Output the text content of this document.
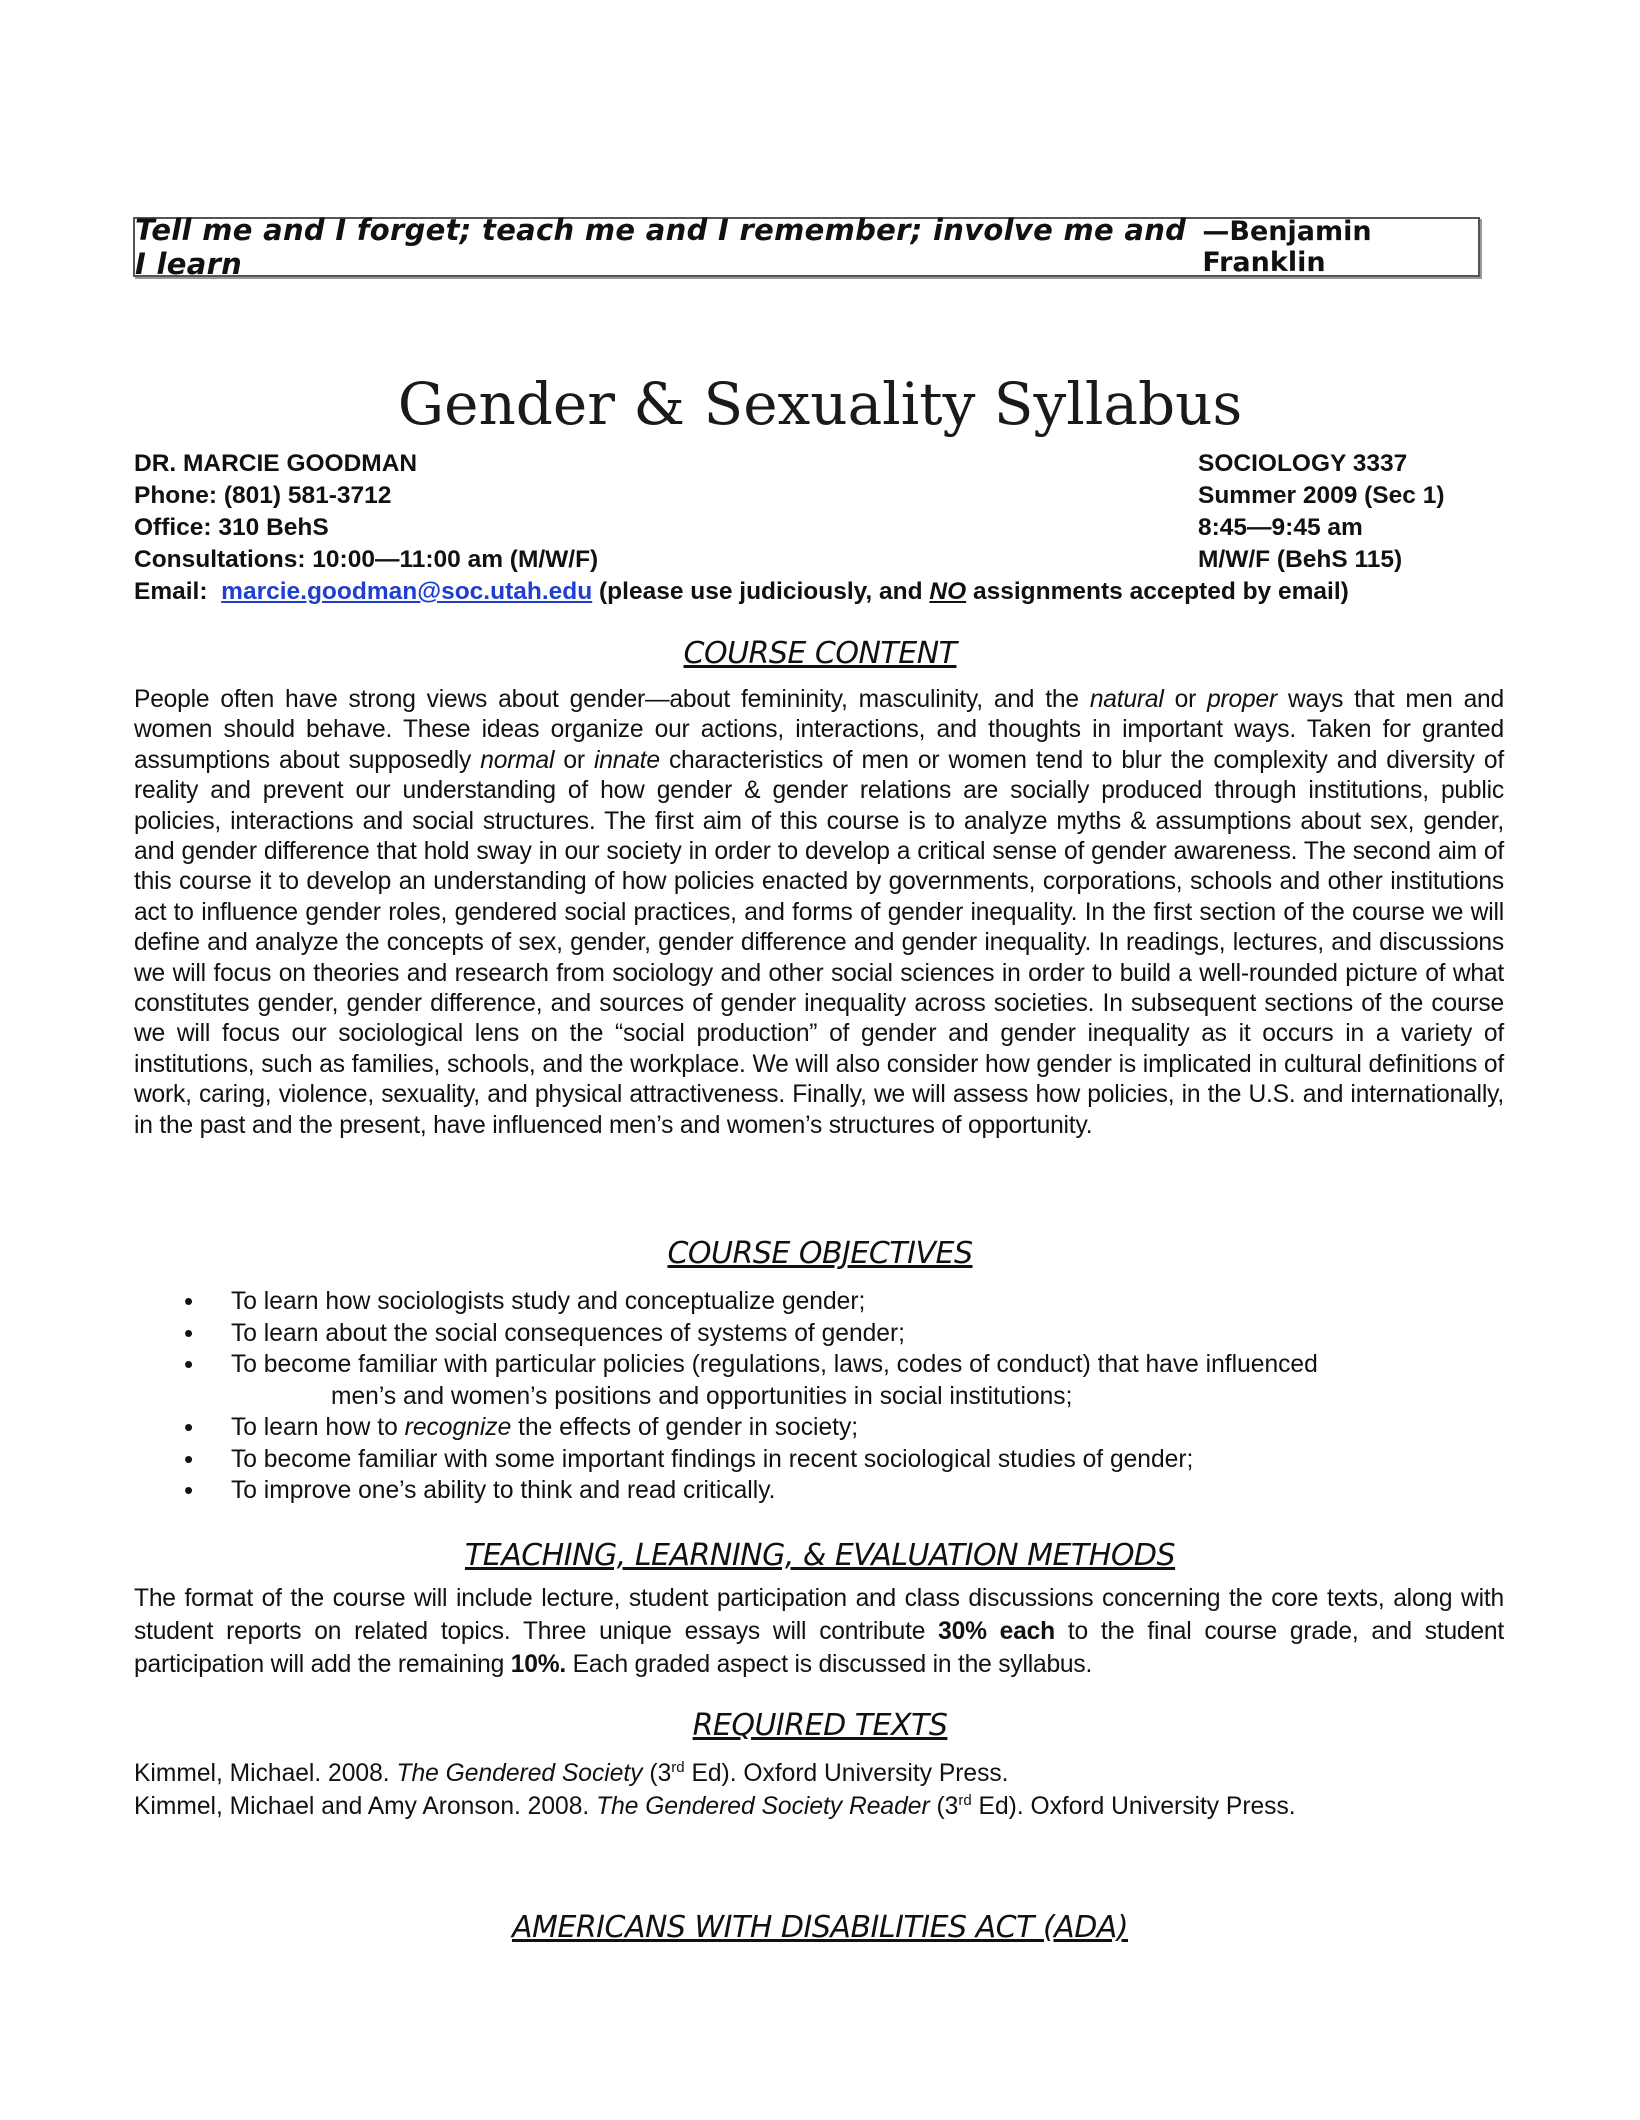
Tell me and I forget; teach me and I remember; involve me and I learn
—Benjamin Franklin
Gender & Sexuality Syllabus
DR. MARCIE GOODMAN	SOCIOLOGY 3337
Phone: (801) 581-3712	Summer 2009 (Sec 1)
Office: 310 BehS	8:45—9:45 am
Consultations: 10:00—11:00 am (M/W/F)	M/W/F (BehS 115)
Email: marcie.goodman@soc.utah.edu (please use judiciously, and NO assignments accepted by email)
COURSE CONTENT
People often have strong views about gender—about femininity, masculinity, and the natural or proper ways that men and women should behave. These ideas organize our actions, interactions, and thoughts in important ways. Taken for granted assumptions about supposedly normal or innate characteristics of men or women tend to blur the complexity and diversity of reality and prevent our understanding of how gender & gender relations are socially produced through institutions, public policies, interactions and social structures. The first aim of this course is to analyze myths & assumptions about sex, gender, and gender difference that hold sway in our society in order to develop a critical sense of gender awareness. The second aim of this course it to develop an understanding of how policies enacted by governments, corporations, schools and other institutions act to influence gender roles, gendered social practices, and forms of gender inequality. In the first section of the course we will define and analyze the concepts of sex, gender, gender difference and gender inequality. In readings, lectures, and discussions we will focus on theories and research from sociology and other social sciences in order to build a well-rounded picture of what constitutes gender, gender difference, and sources of gender inequality across societies. In subsequent sections of the course we will focus our sociological lens on the “social production” of gender and gender inequality as it occurs in a variety of institutions, such as families, schools, and the workplace. We will also consider how gender is implicated in cultural definitions of work, caring, violence, sexuality, and physical attractiveness. Finally, we will assess how policies, in the U.S. and internationally, in the past and the present, have influenced men’s and women’s structures of opportunity.
COURSE OBJECTIVES
• To learn how sociologists study and conceptualize gender;
• To learn about the social consequences of systems of gender;
• To become familiar with particular policies (regulations, laws, codes of conduct) that have influenced
men’s and women’s positions and opportunities in social institutions;
• To learn how to recognize the effects of gender in society;
• To become familiar with some important findings in recent sociological studies of gender;
• To improve one’s ability to think and read critically.
TEACHING, LEARNING, & EVALUATION METHODS
The format of the course will include lecture, student participation and class discussions concerning the core texts, along with student reports on related topics. Three unique essays will contribute 30% each to the final course grade, and student participation will add the remaining 10%. Each graded aspect is discussed in the syllabus.
REQUIRED TEXTS
Kimmel, Michael. 2008. The Gendered Society (3rd Ed). Oxford University Press.
Kimmel, Michael and Amy Aronson. 2008. The Gendered Society Reader (3rd Ed). Oxford University Press.
AMERICANS WITH DISABILITIES ACT (ADA)
